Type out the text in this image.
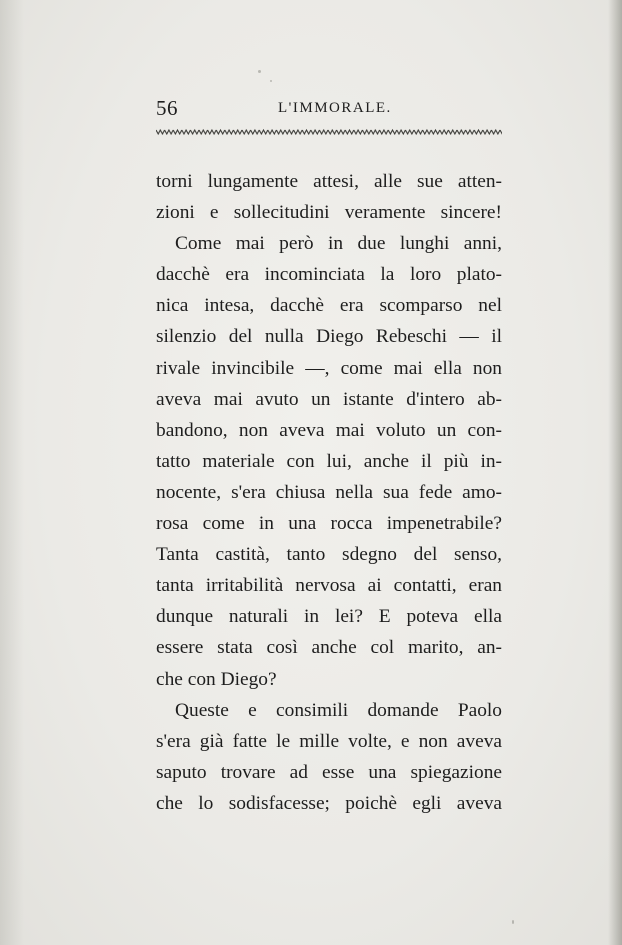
56	L'IMMORALE.
torni lungamente attesi, alle sue atten-
zioni e sollecitudini veramente sincere!
Come mai però in due lunghi anni,
dacchè era incominciata la loro plato-
nica intesa, dacchè era scomparso nel
silenzio del nulla Diego Rebeschi — il
rivale invincibile —, come mai ella non
aveva mai avuto un istante d'intero ab-
bandono, non aveva mai voluto un con-
tatto materiale con lui, anche il più in-
nocente, s'era chiusa nella sua fede amo-
rosa come in una rocca impenetrabile?
Tanta castità, tanto sdegno del senso,
tanta irritabilità nervosa ai contatti, eran
dunque naturali in lei? E poteva ella
essere stata così anche col marito, an-
che con Diego?
Queste e consimili domande Paolo
s'era già fatte le mille volte, e non aveva
saputo trovare ad esse una spiegazione
che lo sodisfacesse; poichè egli aveva
